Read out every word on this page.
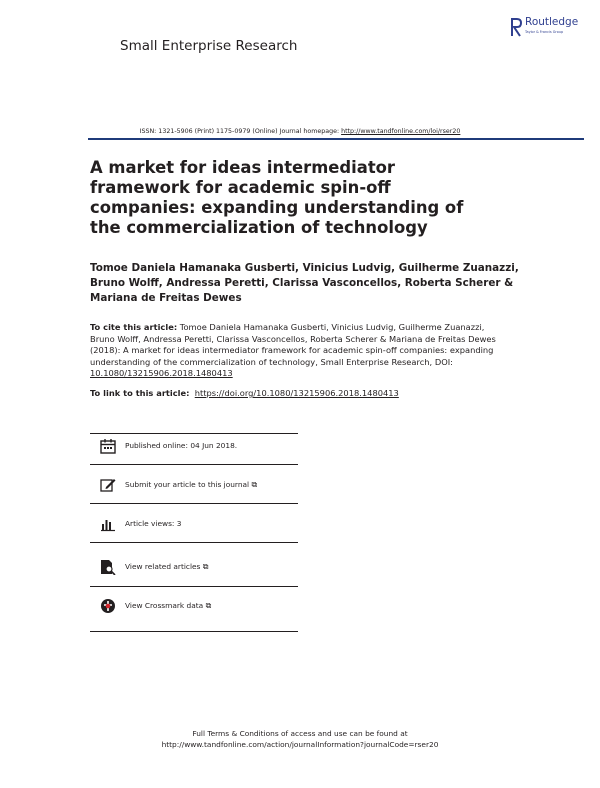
Small Enterprise Research
Routledge
Taylor & Francis Group
ISSN: 1321-5906 (Print) 1175-0979 (Online) Journal homepage: http://www.tandfonline.com/loi/rser20
A market for ideas intermediator framework for academic spin-off companies: expanding understanding of the commercialization of technology
Tomoe Daniela Hamanaka Gusberti, Vinicius Ludvig, Guilherme Zuanazzi, Bruno Wolff, Andressa Peretti, Clarissa Vasconcellos, Roberta Scherer & Mariana de Freitas Dewes
To cite this article: Tomoe Daniela Hamanaka Gusberti, Vinicius Ludvig, Guilherme Zuanazzi, Bruno Wolff, Andressa Peretti, Clarissa Vasconcellos, Roberta Scherer & Mariana de Freitas Dewes (2018): A market for ideas intermediator framework for academic spin-off companies: expanding understanding of the commercialization of technology, Small Enterprise Research, DOI: 10.1080/13215906.2018.1480413
To link to this article: https://doi.org/10.1080/13215906.2018.1480413
Published online: 04 Jun 2018.
Submit your article to this journal ⧉
Article views: 3
View related articles ⧉
View Crossmark data ⧉
Full Terms & Conditions of access and use can be found at
http://www.tandfonline.com/action/journalInformation?journalCode=rser20
